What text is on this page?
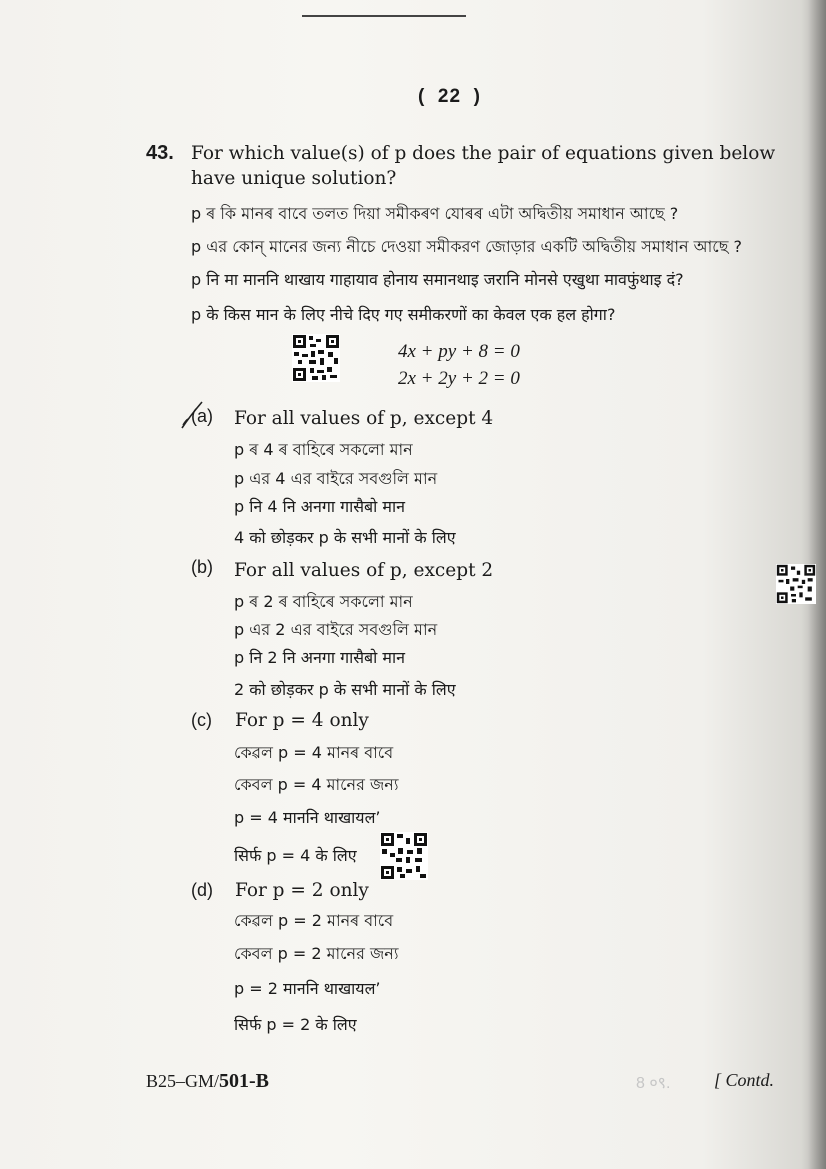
(  22  )
43. For which value(s) of p does the pair of equations given below
have unique solution?
p ৰ কি মানৰ বাবে তলত দিয়া সমীকৰণ যোৰৰ এটা অদ্বিতীয় সমাধান আছে ?
p এর কোন্‌ মানের জন্য নীচে দেওয়া সমীকরণ জোড়ার একটি অদ্বিতীয় সমাধান আছে ?
p नि मा माननि थाखाय गाहायाव होनाय समानथाइ जरानि मोनसे एखुथा मावफुंथाइ दं?
p के किस मान के लिए नीचे दिए गए समीकरणों का केवल एक हल होगा?
4x + py + 8 = 0
2x + 2y + 2 = 0
(a) For all values of p, except 4
p ৰ 4 ৰ বাহিৰে সকলো মান
p এর 4 এর বাইরে সবগুলি মান
p नि 4 नि अनगा गासैबो मान
4 को छोड़कर p के सभी मानों के लिए
(b) For all values of p, except 2
p ৰ 2 ৰ বাহিৰে সকলো মান
p এর 2 এর বাইরে সবগুলি মান
p नि 2 नि अनगा गासैबो मान
2 को छोड़कर p के सभी मानों के लिए
(c) For p = 4 only
কেৱল p = 4 মানৰ বাবে
কেবল p = 4 মানের জন্য
p = 4 माननि थाखायल’
सिर्फ p = 4 के लिए
(d) For p = 2 only
কেৱল p = 2 মানৰ বাবে
কেবল p = 2 মানের জন্য
p = 2 माननि थाखायल’
सिर्फ p = 2 के लिए
B25–GM/501-B	8 ०९. [ Contd.
